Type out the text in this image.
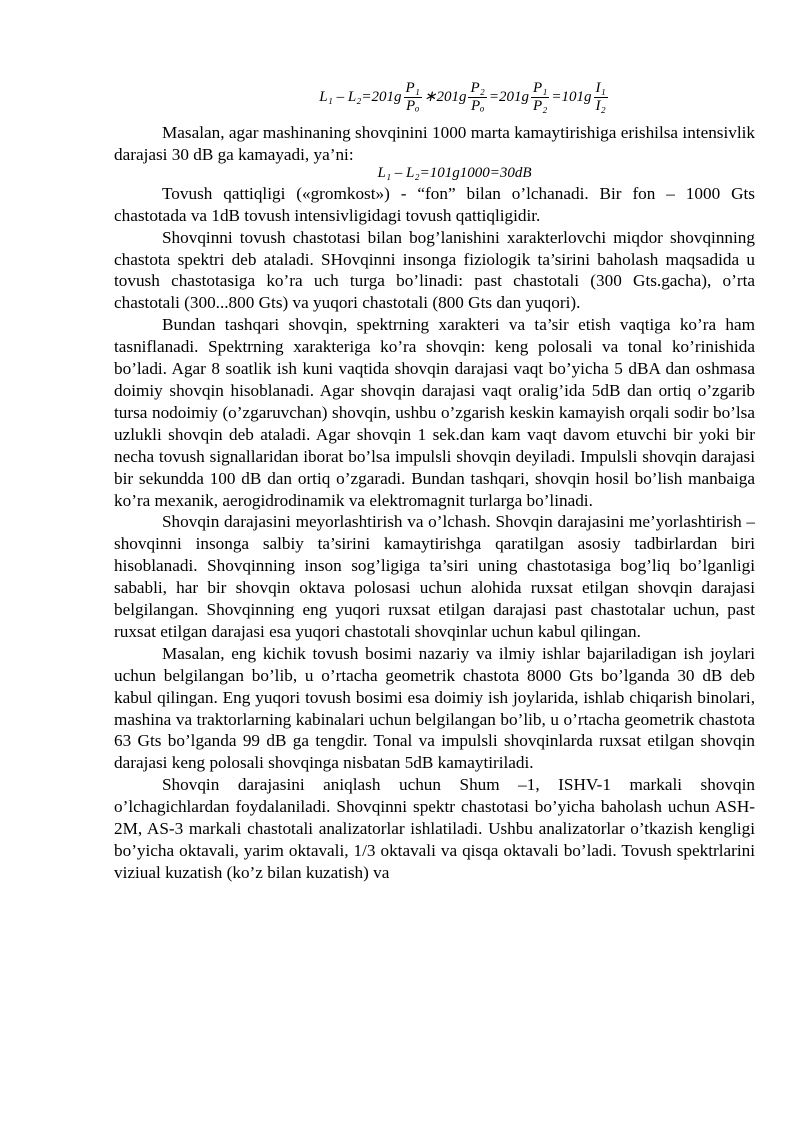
$L_1 - L_2= 201g \frac{\text{P₁}}{\text{Pₒ}}$ ∗ $201g \frac{\text{P₂}}{\text{Pₒ}} = 201g \frac{\text{P₁}}{\text{P₂}} = 101g \frac{\text{I₁}}{\text{I₂}}$

Masalan, agar mashinaning shovqinini 1000 marta kamaytirishiga erishilsa intensivlik darajasi 30 dB ga kamayadi, ya’ni:

L₁ – L₂=101g1000=30dB

Tovush qattiqligi («gromkost») - “fon” bilan o’lchanadi. Bir fon – 1000 Gts chastotada va 1dB tovush intensivligidagi tovush qattiqligidir.

Shovqinni tovush chastotasi bilan bog’lanishini xarakterlovchi miqdor shovqinning chastota spektri deb ataladi. SHovqinni insonga fiziologik ta’sirini baholash maqsadida u tovush chastotasiga ko’ra uch turga bo’linadi: past chastotali (300 Gts.gacha), o’rta chastotali (300...800 Gts) va yuqori chastotali (800 Gts dan yuqori).

Bundan tashqari shovqin, spektrning xarakteri va ta’sir etish vaqtiga ko’ra ham tasniflanadi. Spektrning xarakteriga ko’ra shovqin: keng polosali va tonal ko’rinishida bo’ladi. Agar 8 soatlik ish kuni vaqtida shovqin darajasi vaqt bo’yicha 5 dBA dan oshmasa doimiy shovqin hisoblanadi. Agar shovqin darajasi vaqt oralig’ida 5dB dan ortiq o’zgarib tursa nodoimiy (o’zgaruvchan) shovqin, ushbu o’zgarish keskin kamayish orqali sodir bo’lsa uzlukli shovqin deb ataladi. Agar shovqin 1 sek.dan kam vaqt davom etuvchi bir yoki bir necha tovush signallaridan iborat bo’lsa impulsli shovqin deyiladi. Impulsli shovqin darajasi bir sekundda 100 dB dan ortiq o’zgaradi. Bundan tashqari, shovqin hosil bo’lish manbaiga ko’ra mexanik, aerogidrodinamik va elektromagnit turlarga bo’linadi.

Shovqin darajasini meyorlashtirish va o’lchash. Shovqin darajasini me’yorlashtirish – shovqinni insonga salbiy ta’sirini kamaytirishga qaratilgan asosiy tadbirlardan biri hisoblanadi. Shovqinning inson sog’ligiga ta’siri uning chastotasiga bog’liq bo’lganligi sababli, har bir shovqin oktava polosasi uchun alohida ruxsat etilgan shovqin darajasi belgilangan. Shovqinning eng yuqori ruxsat etilgan darajasi past chastotalar uchun, past ruxsat etilgan darajasi esa yuqori chastotali shovqinlar uchun kabul qilingan.

Masalan, eng kichik tovush bosimi nazariy va ilmiy ishlar bajariladigan ish joylari uchun belgilangan bo’lib, u o’rtacha geometrik chastota 8000 Gts bo’lganda 30 dB deb kabul qilingan. Eng yuqori tovush bosimi esa doimiy ish joylarida, ishlab chiqarish binolari, mashina va traktorlarning kabinalari uchun belgilangan bo’lib, u o’rtacha geometrik chastota 63 Gts bo’lganda 99 dB ga tengdir. Tonal va impulsli shovqinlarda ruxsat etilgan shovqin darajasi keng polosali shovqinga nisbatan 5dB kamaytiriladi.

Shovqin darajasini aniqlash uchun Shum –1, ISHV-1 markali shovqin o’lchagichlardan foydalaniladi. Shovqinni spektr chastotasi bo’yicha baholash uchun ASH-2M, AS-3 markali chastotali analizatorlar ishlatiladi. Ushbu analizatorlar o’tkazish kengligi bo’yicha oktavali, yarim oktavali, 1/3 oktavali va qisqa oktavali bo’ladi. Tovush spektrlarini viziual kuzatish (ko’z bilan kuzatish) va
